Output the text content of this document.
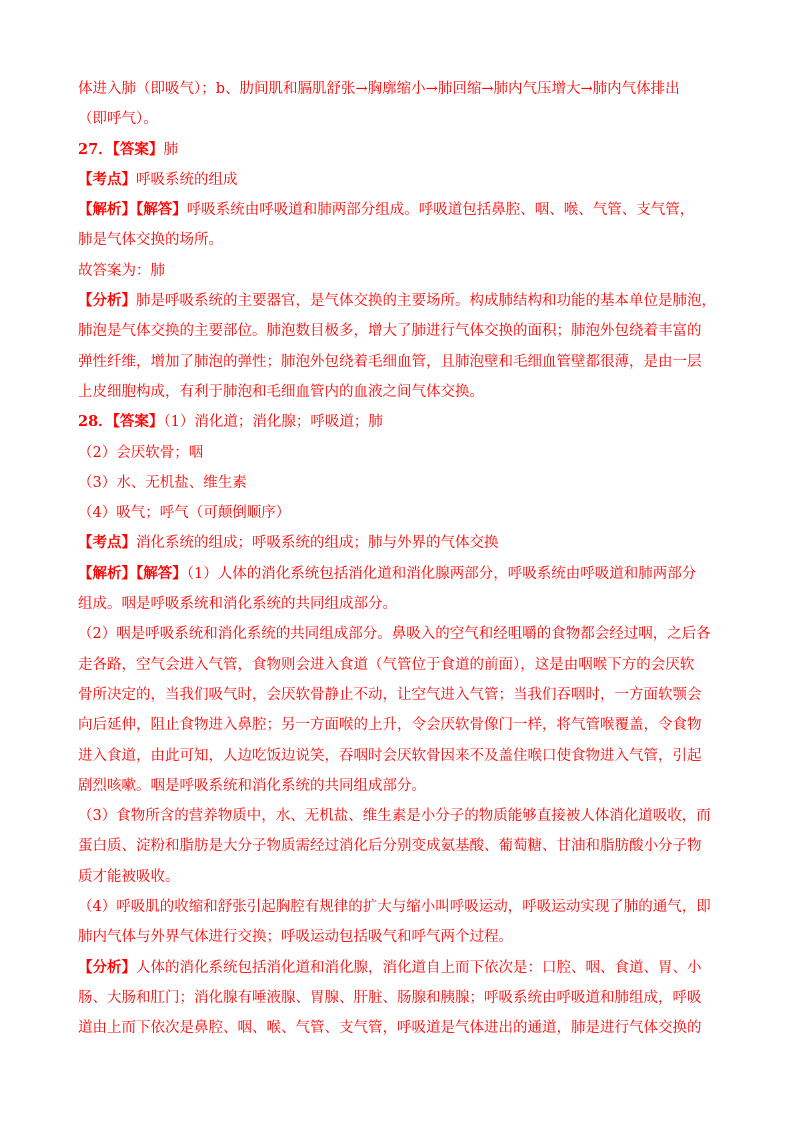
体进入肺（即吸气）；b、肋间肌和膈肌舒张→胸廓缩小→肺回缩→肺内气压增大→肺内气体排出
（即呼气）。
27．【答案】肺
【考点】呼吸系统的组成
【解析】【解答】呼吸系统由呼吸道和肺两部分组成。呼吸道包括鼻腔、咽、喉、气管、支气管，
肺是气体交换的场所。
故答案为：肺
【分析】肺是呼吸系统的主要器官，是气体交换的主要场所。构成肺结构和功能的基本单位是肺泡，
肺泡是气体交换的主要部位。肺泡数目极多，增大了肺进行气体交换的面积；肺泡外包绕着丰富的
弹性纤维，增加了肺泡的弹性；肺泡外包绕着毛细血管，且肺泡壁和毛细血管壁都很薄，是由一层
上皮细胞构成，有利于肺泡和毛细血管内的血液之间气体交换。
28．【答案】（1）消化道；消化腺；呼吸道；肺
（2）会厌软骨；咽
（3）水、无机盐、维生素
（4）吸气；呼气（可颠倒顺序）
【考点】消化系统的组成；呼吸系统的组成；肺与外界的气体交换
【解析】【解答】（1）人体的消化系统包括消化道和消化腺两部分，呼吸系统由呼吸道和肺两部分
组成。咽是呼吸系统和消化系统的共同组成部分。
（2）咽是呼吸系统和消化系统的共同组成部分。鼻吸入的空气和经咀嚼的食物都会经过咽，之后各
走各路，空气会进入气管，食物则会进入食道（气管位于食道的前面），这是由咽喉下方的会厌软
骨所决定的，当我们吸气时，会厌软骨静止不动，让空气进入气管；当我们吞咽时，一方面软颚会
向后延伸，阻止食物进入鼻腔；另一方面喉的上升，令会厌软骨像门一样，将气管喉覆盖，令食物
进入食道，由此可知，人边吃饭边说笑，吞咽时会厌软骨因来不及盖住喉口使食物进入气管，引起
剧烈咳嗽。咽是呼吸系统和消化系统的共同组成部分。
（3）食物所含的营养物质中，水、无机盐、维生素是小分子的物质能够直接被人体消化道吸收，而
蛋白质、淀粉和脂肪是大分子物质需经过消化后分别变成氨基酸、葡萄糖、甘油和脂肪酸小分子物
质才能被吸收。
（4）呼吸肌的收缩和舒张引起胸腔有规律的扩大与缩小叫呼吸运动，呼吸运动实现了肺的通气，即
肺内气体与外界气体进行交换；呼吸运动包括吸气和呼气两个过程。
【分析】人体的消化系统包括消化道和消化腺，消化道自上而下依次是：口腔、咽、食道、胃、小
肠、大肠和肛门；消化腺有唾液腺、胃腺、肝脏、肠腺和胰腺；呼吸系统由呼吸道和肺组成，呼吸
道由上而下依次是鼻腔、咽、喉、气管、支气管，呼吸道是气体进出的通道，肺是进行气体交换的
